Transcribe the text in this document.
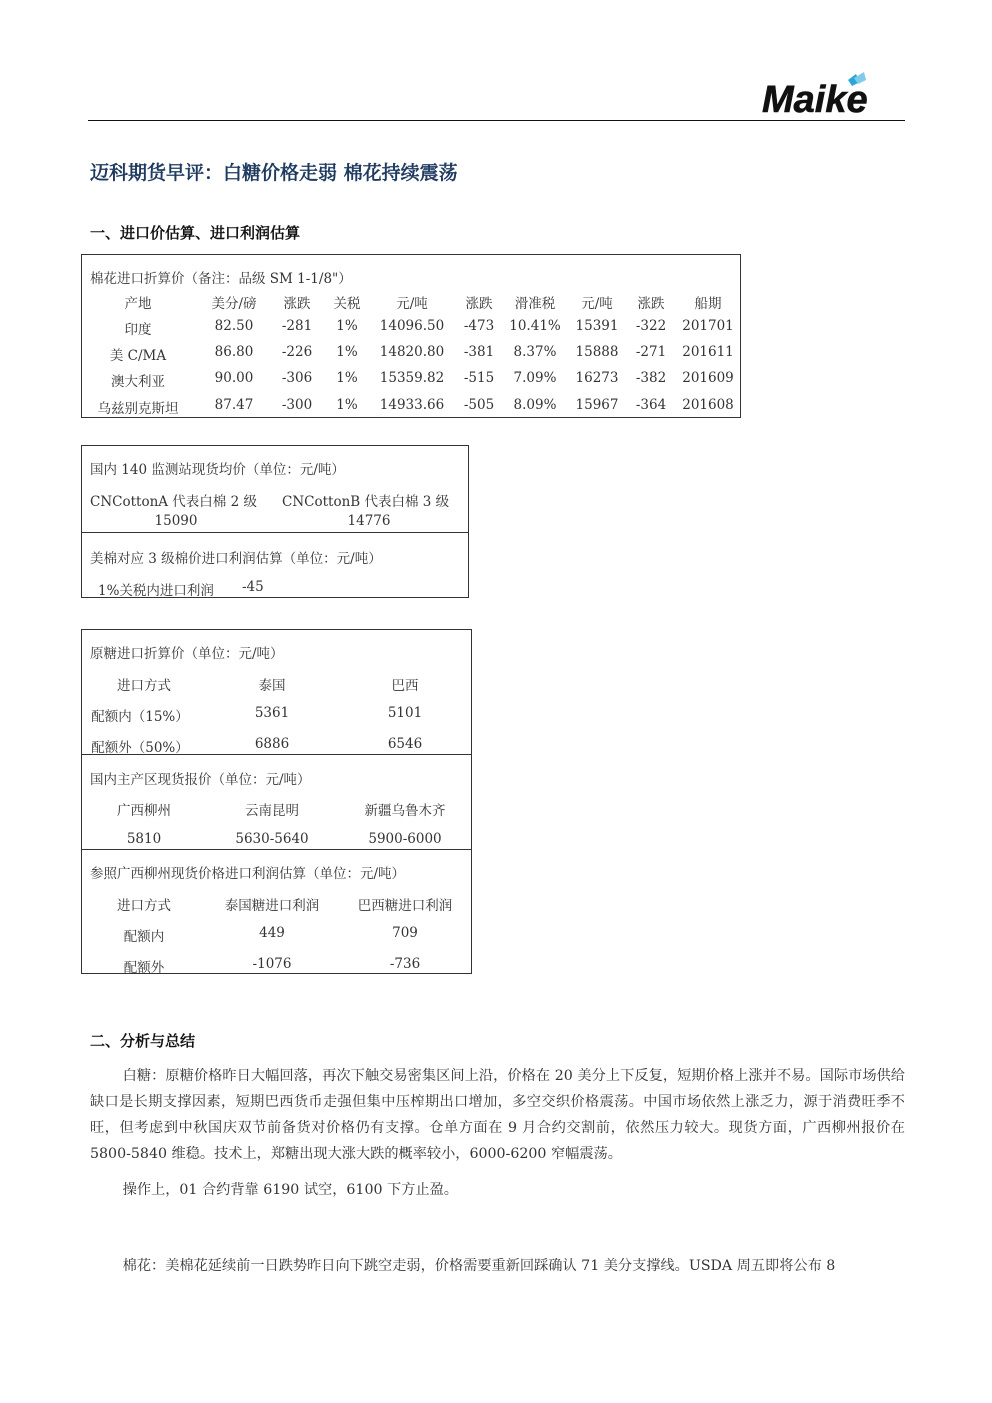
Maike
迈科期货早评：白糖价格走弱 棉花持续震荡
一、进口价估算、进口利润估算
棉花进口折算价（备注：品级 SM 1-1/8"）
产地	美分/磅 涨跌 关税	元/吨	涨跌 滑准税 元/吨 涨跌 船期
印度	82.50 -281 1% 14096.50 -473 10.41% 15391 -322 201701
美 C/MA	86.80 -226 1% 14820.80 -381 8.37% 15888 -271 201611
澳大利亚	90.00 -306 1% 15359.82 -515 7.09% 16273 -382 201609
乌兹别克斯坦	87.47 -300 1% 14933.66 -505 8.09% 15967 -364 201608
国内 140 监测站现货均价（单位：元/吨）
CNCottonA 代表白棉 2 级 CNCottonB 代表白棉 3 级
15090	14776
美棉对应 3 级棉价进口利润估算（单位：元/吨）
1%关税内进口利润 -45
原糖进口折算价（单位：元/吨）
进口方式	泰国	巴西
配额内（15%）	5361	5101
配额外（50%）	6886	6546
国内主产区现货报价（单位：元/吨）
广西柳州	云南昆明	新疆乌鲁木齐
5810	5630-5640	5900-6000
参照广西柳州现货价格进口利润估算（单位：元/吨）
进口方式	泰国糖进口利润	巴西糖进口利润
配额内	449	709
配额外	-1076	-736
二、分析与总结

白糖：原糖价格昨日大幅回落，再次下触交易密集区间上沿，价格在 20 美分上下反复，短期价格上涨并不易。国际市场供给缺口是长期支撑因素，短期巴西货币走强但集中压榨期出口增加，多空交织价格震荡。中国市场依然上涨乏力，源于消费旺季不旺，但考虑到中秋国庆双节前备货对价格仍有支撑。仓单方面在 9 月合约交割前，依然压力较大。现货方面，广西柳州报价在 5800-5840 维稳。技术上，郑糖出现大涨大跌的概率较小，6000-6200 窄幅震荡。

操作上，01 合约背靠 6190 试空，6100 下方止盈。

棉花：美棉花延续前一日跌势昨日向下跳空走弱，价格需要重新回踩确认 71 美分支撑线。USDA 周五即将公布 8
